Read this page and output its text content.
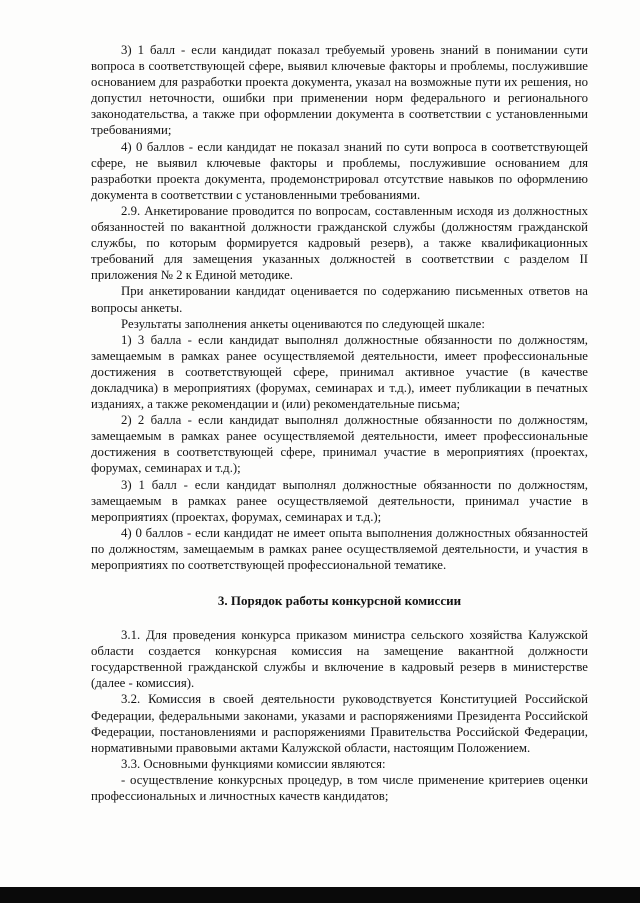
3) 1 балл - если кандидат показал требуемый уровень знаний в понимании сути вопроса в соответствующей сфере, выявил ключевые факторы и проблемы, послужившие основанием для разработки проекта документа, указал на возможные пути их решения, но допустил неточности, ошибки при применении норм федерального и регионального законодательства, а также при оформлении документа в соответствии с установленными требованиями;

4) 0 баллов - если кандидат не показал знаний по сути вопроса в соответствующей сфере, не выявил ключевые факторы и проблемы, послужившие основанием для разработки проекта документа, продемонстрировал отсутствие навыков по оформлению документа в соответствии с установленными требованиями.

2.9. Анкетирование проводится по вопросам, составленным исходя из должностных обязанностей по вакантной должности гражданской службы (должностям гражданской службы, по которым формируется кадровый резерв), а также квалификационных требований для замещения указанных должностей в соответствии с разделом II приложения № 2 к Единой методике.

При анкетировании кандидат оценивается по содержанию письменных ответов на вопросы анкеты.

Результаты заполнения анкеты оцениваются по следующей шкале:

1) 3 балла - если кандидат выполнял должностные обязанности по должностям, замещаемым в рамках ранее осуществляемой деятельности, имеет профессиональные достижения в соответствующей сфере, принимал активное участие (в качестве докладчика) в мероприятиях (форумах, семинарах и т.д.), имеет публикации в печатных изданиях, а также рекомендации и (или) рекомендательные письма;

2) 2 балла - если кандидат выполнял должностные обязанности по должностям, замещаемым в рамках ранее осуществляемой деятельности, имеет профессиональные достижения в соответствующей сфере, принимал участие в мероприятиях (проектах, форумах, семинарах и т.д.);

3) 1 балл - если кандидат выполнял должностные обязанности по должностям, замещаемым в рамках ранее осуществляемой деятельности, принимал участие в мероприятиях (проектах, форумах, семинарах и т.д.);

4) 0 баллов - если кандидат не имеет опыта выполнения должностных обязанностей по должностям, замещаемым в рамках ранее осуществляемой деятельности, и участия в мероприятиях по соответствующей профессиональной тематике.

3. Порядок работы конкурсной комиссии

3.1. Для проведения конкурса приказом министра сельского хозяйства Калужской области создается конкурсная комиссия на замещение вакантной должности государственной гражданской службы и включение в кадровый резерв в министерстве (далее - комиссия).

3.2. Комиссия в своей деятельности руководствуется Конституцией Российской Федерации, федеральными законами, указами и распоряжениями Президента Российской Федерации, постановлениями и распоряжениями Правительства Российской Федерации, нормативными правовыми актами Калужской области, настоящим Положением.

3.3. Основными функциями комиссии являются:

- осуществление конкурсных процедур, в том числе применение критериев оценки профессиональных и личностных качеств кандидатов;
